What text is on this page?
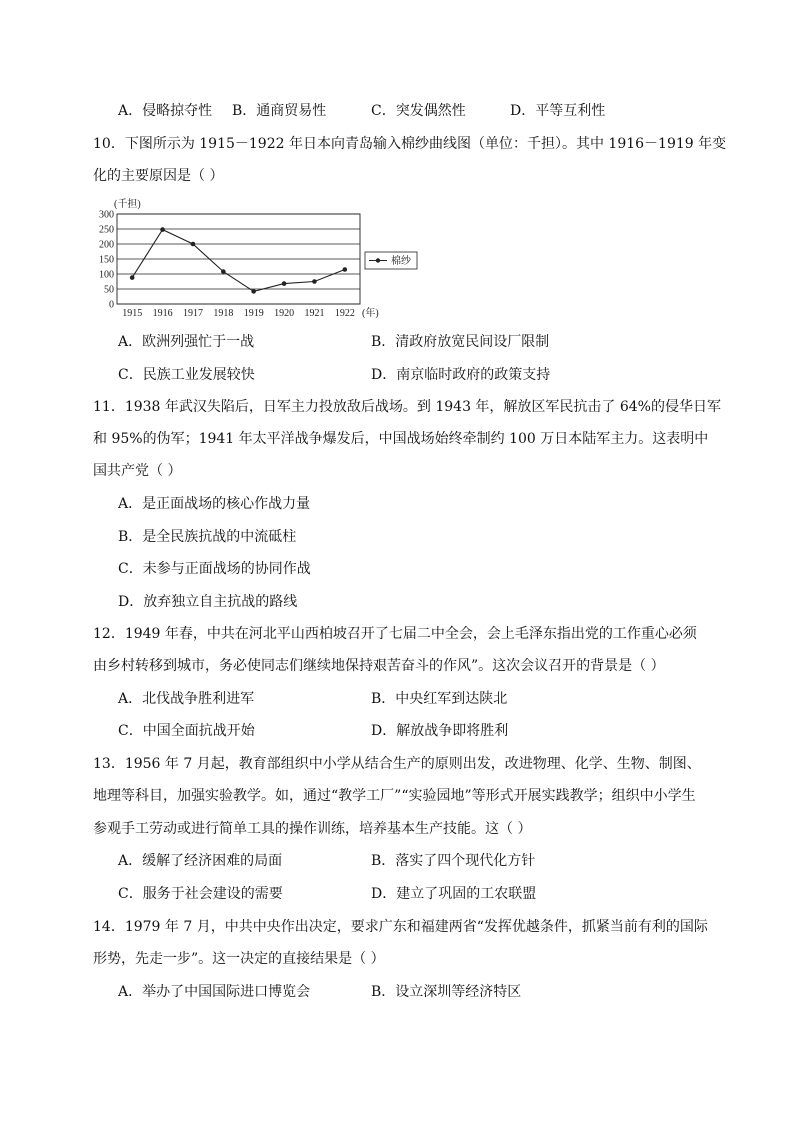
A．侵略掠夺性 B．通商贸易性	C．突发偶然性	D．平等互利性
10．下图所示为 1915－1922 年日本向青岛输入棉纱曲线图（单位：千担）。其中 1916－1919 年变
化的主要原因是（ ）
300
250
200
150
100
50
0
1915 1916 1917 1918 1919 1920 1921 1922
(千担)
(年)
棉纱
A．欧洲列强忙于一战	B．清政府放宽民间设厂限制
C．民族工业发展较快	D．南京临时政府的政策支持
11．1938 年武汉失陷后，日军主力投放敌后战场。到 1943 年，解放区军民抗击了 64%的侵华日军
和 95%的伪军；1941 年太平洋战争爆发后，中国战场始终牵制约 100 万日本陆军主力。这表明中
国共产党（ ）
A．是正面战场的核心作战力量
B．是全民族抗战的中流砥柱
C．未参与正面战场的协同作战
D．放弃独立自主抗战的路线
12．1949 年春，中共在河北平山西柏坡召开了七届二中全会，会上毛泽东指出党的工作重心必须
由乡村转移到城市，务必使同志们继续地保持艰苦奋斗的作风”。这次会议召开的背景是（ ）
A．北伐战争胜利进军	B．中央红军到达陕北
C．中国全面抗战开始	D．解放战争即将胜利
13．1956 年 7 月起，教育部组织中小学从结合生产的原则出发，改进物理、化学、生物、制图、
地理等科目，加强实验教学。如，通过“教学工厂”“实验园地”等形式开展实践教学；组织中小学生
参观手工劳动或进行简单工具的操作训练，培养基本生产技能。这（ ）
A．缓解了经济困难的局面	B．落实了四个现代化方针
C．服务于社会建设的需要	D．建立了巩固的工农联盟
14．1979 年 7 月，中共中央作出决定，要求广东和福建两省“发挥优越条件，抓紧当前有利的国际
形势，先走一步”。这一决定的直接结果是（ ）
A．举办了中国国际进口博览会	B．设立深圳等经济特区
